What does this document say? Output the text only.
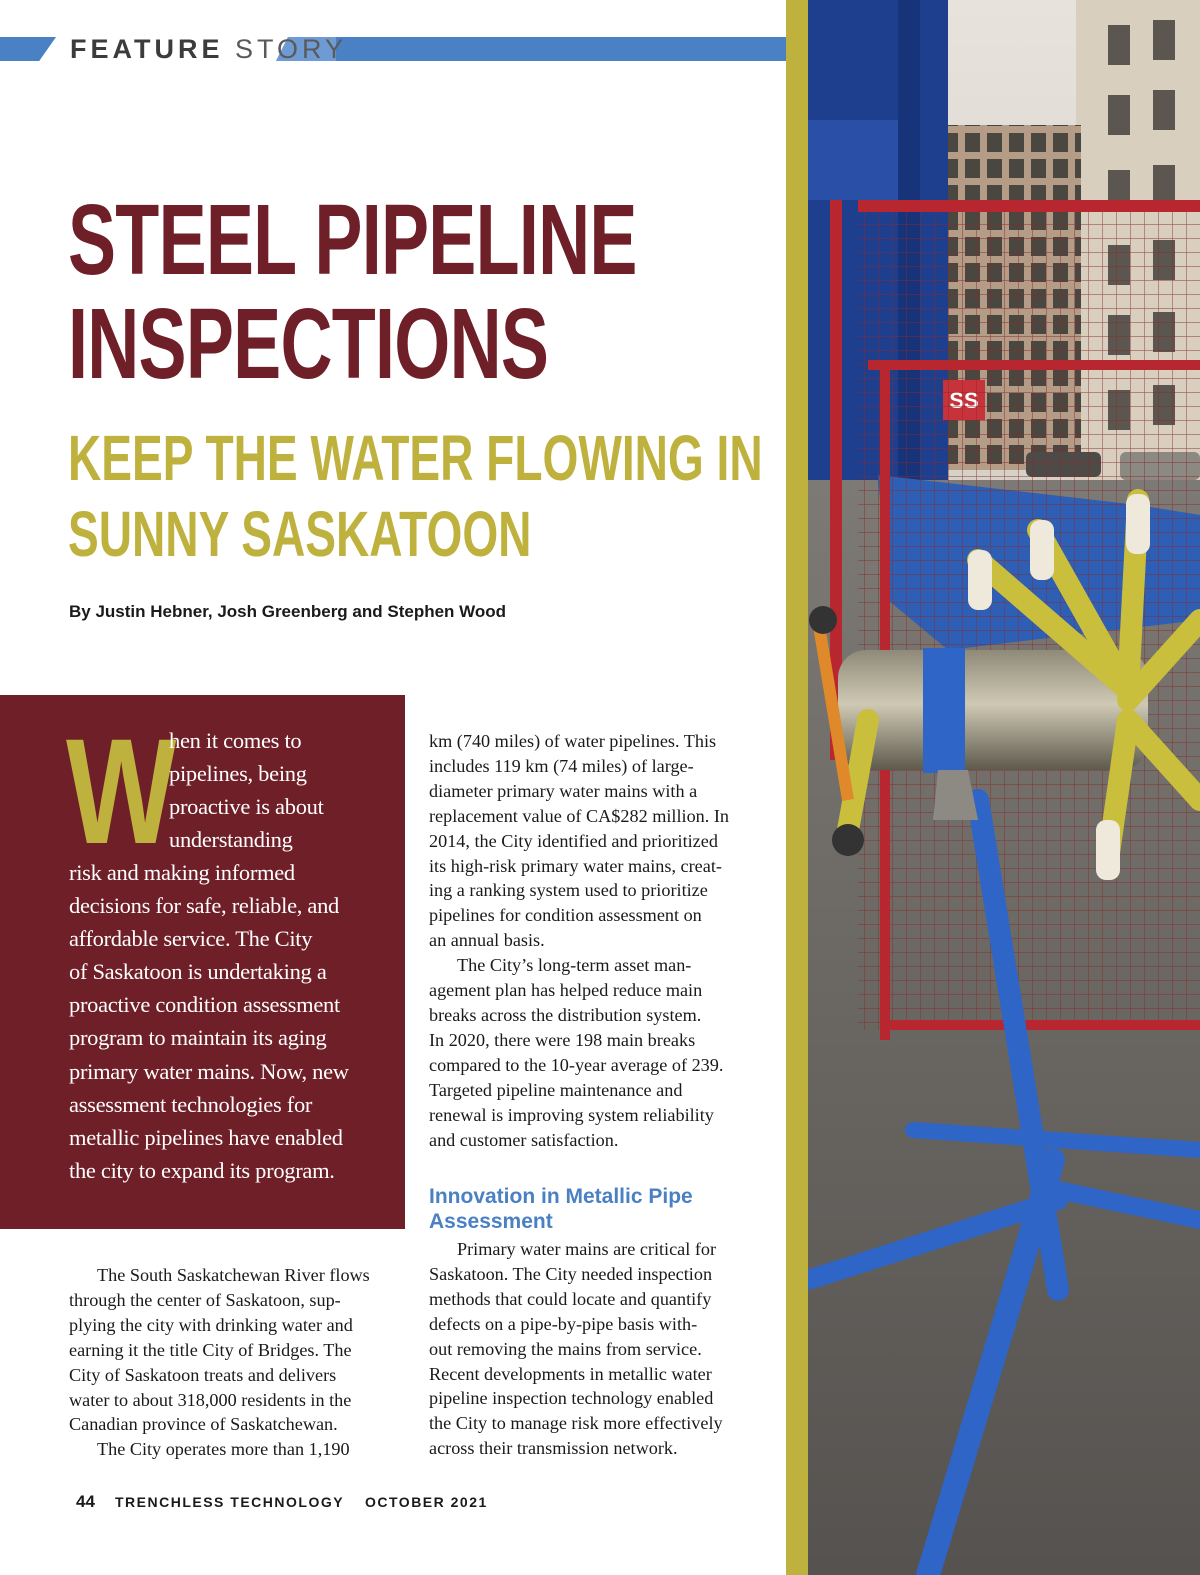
FEATURE STORY
STEEL PIPELINE
INSPECTIONS
KEEP THE WATER FLOWING IN
SUNNY SASKATOON
By Justin Hebner, Josh Greenberg and Stephen Wood
W
hen it comes to
pipelines, being
proactive is about
understanding
risk and making informed
decisions for safe, reliable, and
affordable service. The City
of Saskatoon is undertaking a
proactive condition assessment
program to maintain its aging
primary water mains. Now, new
assessment technologies for
metallic pipelines have enabled
the city to expand its program.
The South Saskatchewan River flows
through the center of Saskatoon, sup-
plying the city with drinking water and
earning it the title City of Bridges. The
City of Saskatoon treats and delivers
water to about 318,000 residents in the
Canadian province of Saskatchewan.
The City operates more than 1,190
km (740 miles) of water pipelines. This
includes 119 km (74 miles) of large-
diameter primary water mains with a
replacement value of CA$282 million. In
2014, the City identified and prioritized
its high-risk primary water mains, creat-
ing a ranking system used to prioritize
pipelines for condition assessment on
an annual basis.
The City’s long-term asset man-
agement plan has helped reduce main
breaks across the distribution system.
In 2020, there were 198 main breaks
compared to the 10-year average of 239.
Targeted pipeline maintenance and
renewal is improving system reliability
and customer satisfaction.
Innovation in Metallic Pipe Assessment
Primary water mains are critical for
Saskatoon. The City needed inspection
methods that could locate and quantify
defects on a pipe-by-pipe basis with-
out removing the mains from service.
Recent developments in metallic water
pipeline inspection technology enabled
the City to manage risk more effectively
across their transmission network.
44 TRENCHLESS TECHNOLOGY OCTOBER 2021
